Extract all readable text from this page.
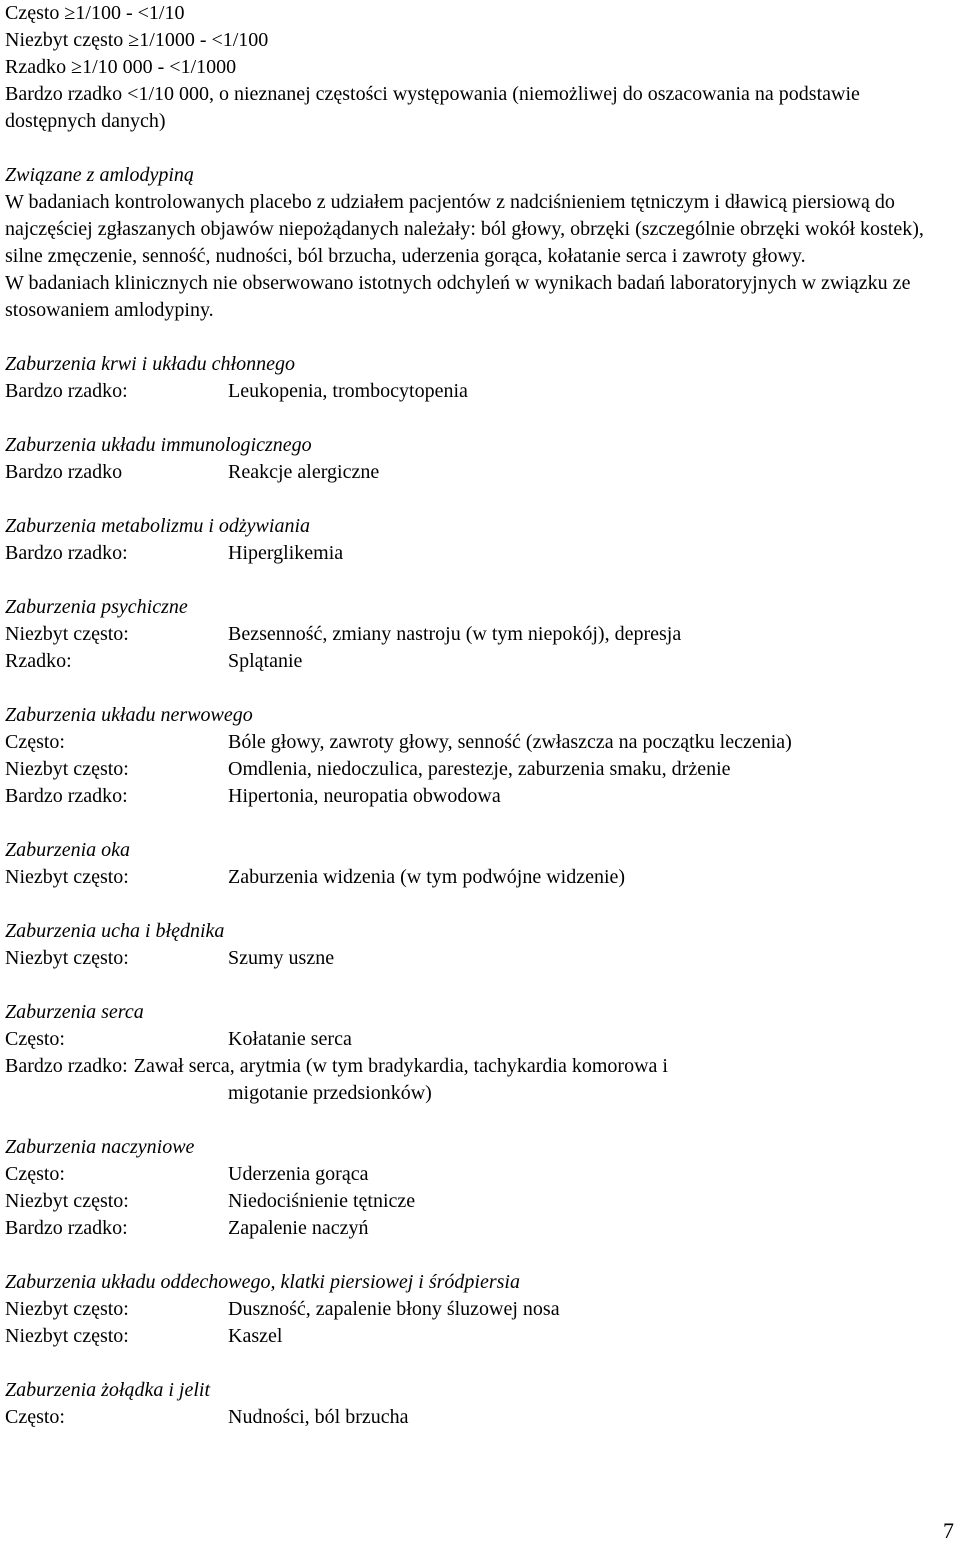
Często ≥1/100 - <1/10
Niezbyt często ≥1/1000 - <1/100
Rzadko ≥1/10 000 - <1/1000
Bardzo rzadko <1/10 000, o nieznanej częstości występowania (niemożliwej do oszacowania na podstawie dostępnych danych)
Związane z amlodypiną
W badaniach kontrolowanych placebo z udziałem pacjentów z nadciśnieniem tętniczym i dławicą piersiową do najczęściej zgłaszanych objawów niepożądanych należały: ból głowy, obrzęki (szczególnie obrzęki wokół kostek), silne zmęczenie, senność, nudności, ból brzucha, uderzenia gorąca, kołatanie serca i zawroty głowy.
W badaniach klinicznych nie obserwowano istotnych odchyleń w wynikach badań laboratoryjnych w związku ze stosowaniem amlodypiny.
Zaburzenia krwi i układu chłonnego
Bardzo rzadko:	Leukopenia, trombocytopenia
Zaburzenia układu immunologicznego
Bardzo rzadko	Reakcje alergiczne
Zaburzenia metabolizmu i odżywiania
Bardzo rzadko:	Hiperglikemia
Zaburzenia psychiczne
Niezbyt często:	Bezsenność, zmiany nastroju (w tym niepokój), depresja
Rzadko:	Splątanie
Zaburzenia układu nerwowego
Często:	Bóle głowy, zawroty głowy, senność (zwłaszcza na początku leczenia)
Niezbyt często:	Omdlenia, niedoczulica, parestezje, zaburzenia smaku, drżenie
Bardzo rzadko:	Hipertonia, neuropatia obwodowa
Zaburzenia oka
Niezbyt często:	Zaburzenia widzenia (w tym podwójne widzenie)
Zaburzenia ucha i błędnika
Niezbyt często:	Szumy uszne
Zaburzenia serca
Często:	Kołatanie serca
Bardzo rzadko: Zawał serca, arytmia (w tym bradykardia, tachykardia komorowa i
migotanie przedsionków)
Zaburzenia naczyniowe
Często:	Uderzenia gorąca
Niezbyt często:	Niedociśnienie tętnicze
Bardzo rzadko:	Zapalenie naczyń
Zaburzenia układu oddechowego, klatki piersiowej i śródpiersia
Niezbyt często:	Duszność, zapalenie błony śluzowej nosa
Niezbyt często:	Kaszel
Zaburzenia żołądka i jelit
Często:	Nudności, ból brzucha
7
